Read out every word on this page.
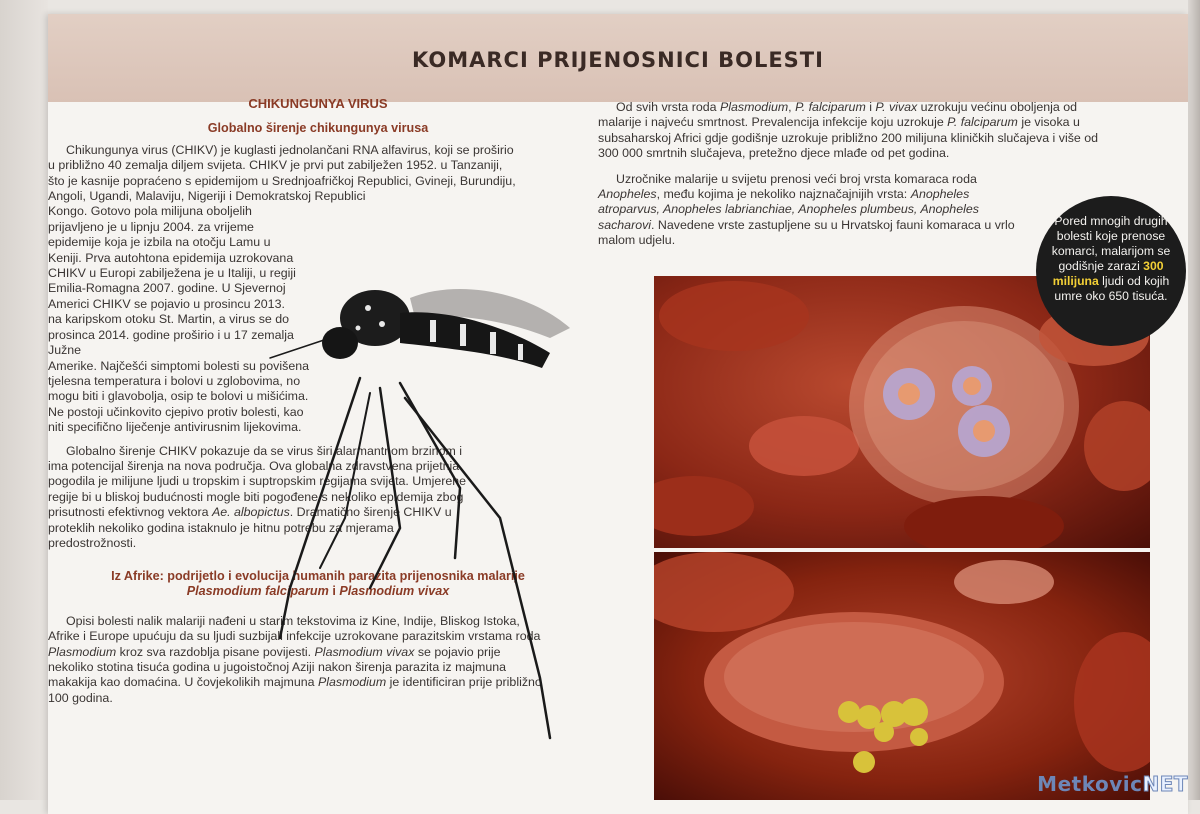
KOMARCI PRIJENOSNICI BOLESTI
CHIKUNGUNYA VIRUS
Globalno širenje chikungunya virusa

Chikungunya virus (CHIKV) je kuglasti jednolančani RNA alfavirus, koji se proširio u približno 40 zemalja diljem svijeta. CHIKV je prvi put zabilježen 1952. u Tanzaniji, što je kasnije popraćeno s epidemijom u Srednjoafričkoj Republici, Gvineji, Burundiju, Angoli, Ugandi, Malaviju, Nigeriji i Demokratskoj Republici

Kongo. Gotovo pola milijuna oboljelih prijavljeno je u lipnju 2004. za vrijeme epidemije koja je izbila na otočju Lamu u Keniji. Prva autohtona epidemija uzrokovana CHIKV u Europi zabilježena je u Italiji, u regiji Emilia-Romagna 2007. godine. U Sjevernoj

Americi CHIKV se pojavio u prosincu 2013. na karipskom otoku St. Martin, a virus se do prosinca 2014. godine proširio i u 17 zemalja Južne

Amerike. Najčešći simptomi bolesti su povišena tjelesna temperatura i bolovi u zglobovima, no mogu biti i glavobolja, osip te bolovi u mišićima. Ne postoji učinkovito cjepivo protiv bolesti, kao niti specifično liječenje antivirusnim lijekovima.

Globalno širenje CHIKV pokazuje da se virus širi alarmantnom brzinom i ima potencijal širenja na nova područja. Ova globalna zdravstvena prijetnja pogodila je milijune ljudi u tropskim i suptropskim regijama svijeta. Umjerene regije bi u bliskoj budućnosti mogle biti pogođene s nekoliko epidemija zbog prisutnosti efektivnog vektora Ae. albopictus. Dramatično širenje CHIKV u proteklih nekoliko godina istaknulo je hitnu potrebu za mjerama predostrožnosti.

Iz Afrike: podrijetlo i evolucija humanih parazita prijenosnika malarije
Plasmodium falciparum i Plasmodium vivax

Opisi bolesti nalik malariji nađeni u starim tekstovima iz Kine, Indije, Bliskog Istoka, Afrike i Europe upućuju da su ljudi suzbijali infekcije uzrokovane parazitskim vrstama roda Plasmodium kroz sva razdoblja pisane povijesti. Plasmodium vivax se pojavio prije nekoliko stotina tisuća godina u jugoistočnoj Aziji nakon širenja parazita iz majmuna makakija kao domaćina. U čovjekolikih majmuna Plasmodium je identificiran prije približno 100 godina.

Od svih vrsta roda Plasmodium, P. falciparum i P. vivax uzrokuju većinu oboljenja od malarije i najveću smrtnost. Prevalencija infekcije koju uzrokuje P. falciparum je visoka u subsaharskoj Africi gdje godišnje uzrokuje približno 200 milijuna kliničkih slučajeva i više od 300 000 smrtnih slučajeva, pretežno djece mlađe od pet godina.

Uzročnike malarije u svijetu prenosi veći broj vrsta komaraca roda Anopheles, među kojima je nekoliko najznačajnijih vrsta: Anopheles atroparvus, Anopheles labrianchiae, Anopheles plumbeus, Anopheles sacharovi. Navedene vrste zastupljene su u Hrvatskoj fauni komaraca u vrlo malom udjelu.

Pored mnogih drugih bolesti koje prenose komarci, malarijom se godišnje zarazi 300 milijuna ljudi od kojih umre oko 650 tisuća.
MetkovicNET
